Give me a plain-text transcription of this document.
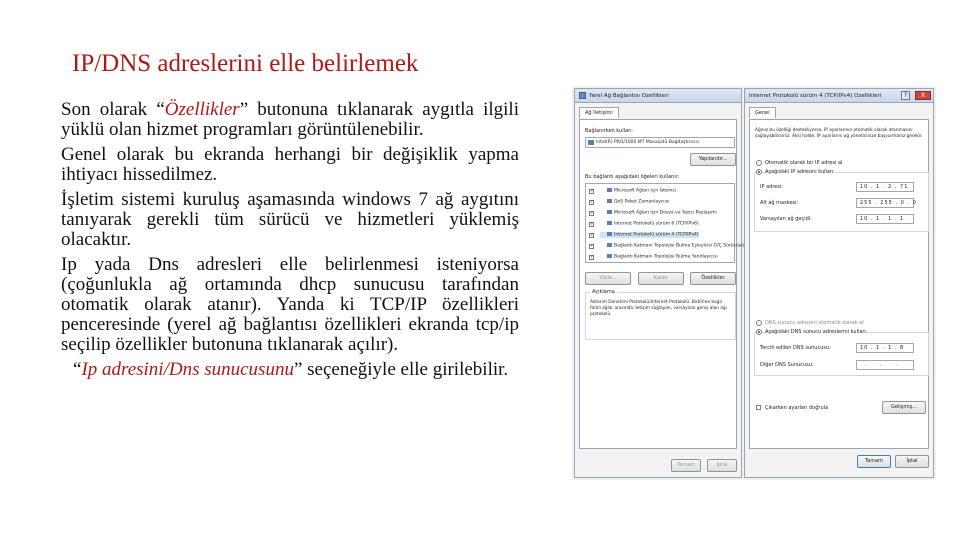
IP/DNS adreslerini elle belirlemek

Son olarak “Özellikler” butonuna tıklanarak aygıtla ilgili yüklü olan hizmet programları görüntülenebilir.

Genel olarak bu ekranda herhangi bir değişiklik yapma ihtiyacı hissedilmez.

İşletim sistemi kuruluş aşamasında windows 7 ağ aygıtını tanıyarak gerekli tüm sürücü ve hizmetleri yüklemiş olacaktır.

Ip yada Dns adresleri elle belirlenmesi isteniyorsa (çoğunlukla ağ ortamında dhcp sunucusu tarafından otomatik olarak atanır). Yanda ki TCP/IP özellikleri penceresinde (yerel ağ bağlantısı özellikleri ekranda tcp/ip seçilip özellikler butonuna tıklanarak açılır).

“Ip adresini/Dns sunucusunu” seçeneğiyle elle girilebilir.

Yerel Ağ Bağlantısı Özellikleri
Ağ İletişimi
Bağlanırken kullan:
Intel(R) PRO/1000 MT Masaüstü Bağdaştırıcısı
Yapılandır...
Bu bağlantı aşağıdaki öğeleri kullanır:
✓	Microsoft Ağları için İstemci
✓	QoS Paket Zamanlayıcısı
✓	Microsoft Ağları için Dosya ve Yazıcı Paylaşımı
✓	Internet Protokolü sürüm 6 (TCP/IPv6)
✓	Internet Protokolü sürüm 4 (TCP/IPv4)
✓	Bağlantı Katmanı Topolojisi Bulma Eşleyicisi G/Ç Sürücüsü
✓	Bağlantı Katmanı Topolojisi Bulma Yanıtlayıcısı
Yükle...	Kaldır	Özellikler
Açıklama
Aktarım Denetimi Protokolü/Internet Protokolü. Birbirine bağlı farklı ağlar arasında iletişim sağlayan, varsayılan geniş alan ağı protokolü.
Tamam	İptal
Internet Protokolü sürüm 4 (TCP/IPv4) Özellikleri	?	X
Genel
Ağınız bu özelliği destekliyorsa, IP ayarlarının otomatik olarak atanmasını sağlayabilirsiniz. Aksi halde, IP ayarlarını ağ yöneticinize başvurmanız gerekir.
Otomatik olarak bir IP adresi al
Aşağıdaki IP adresini kullan:
IP adresi:	10 . 1 . 2 . 71
Alt ağ maskesi:	255 . 255 . 0 . 0
Varsayılan ağ geçidi:	10 . 1 . 1 . 1
DNS sunucu adresini otomatik olarak al
Aşağıdaki DNS sunucu adreslerini kullan:
Tercih edilen DNS sunucusu:	10 . 1 . 1 . 8
Diğer DNS Sunucusu:	. . .
Çıkarken ayarları doğrula	Gelişmiş...
Tamam	İptal
